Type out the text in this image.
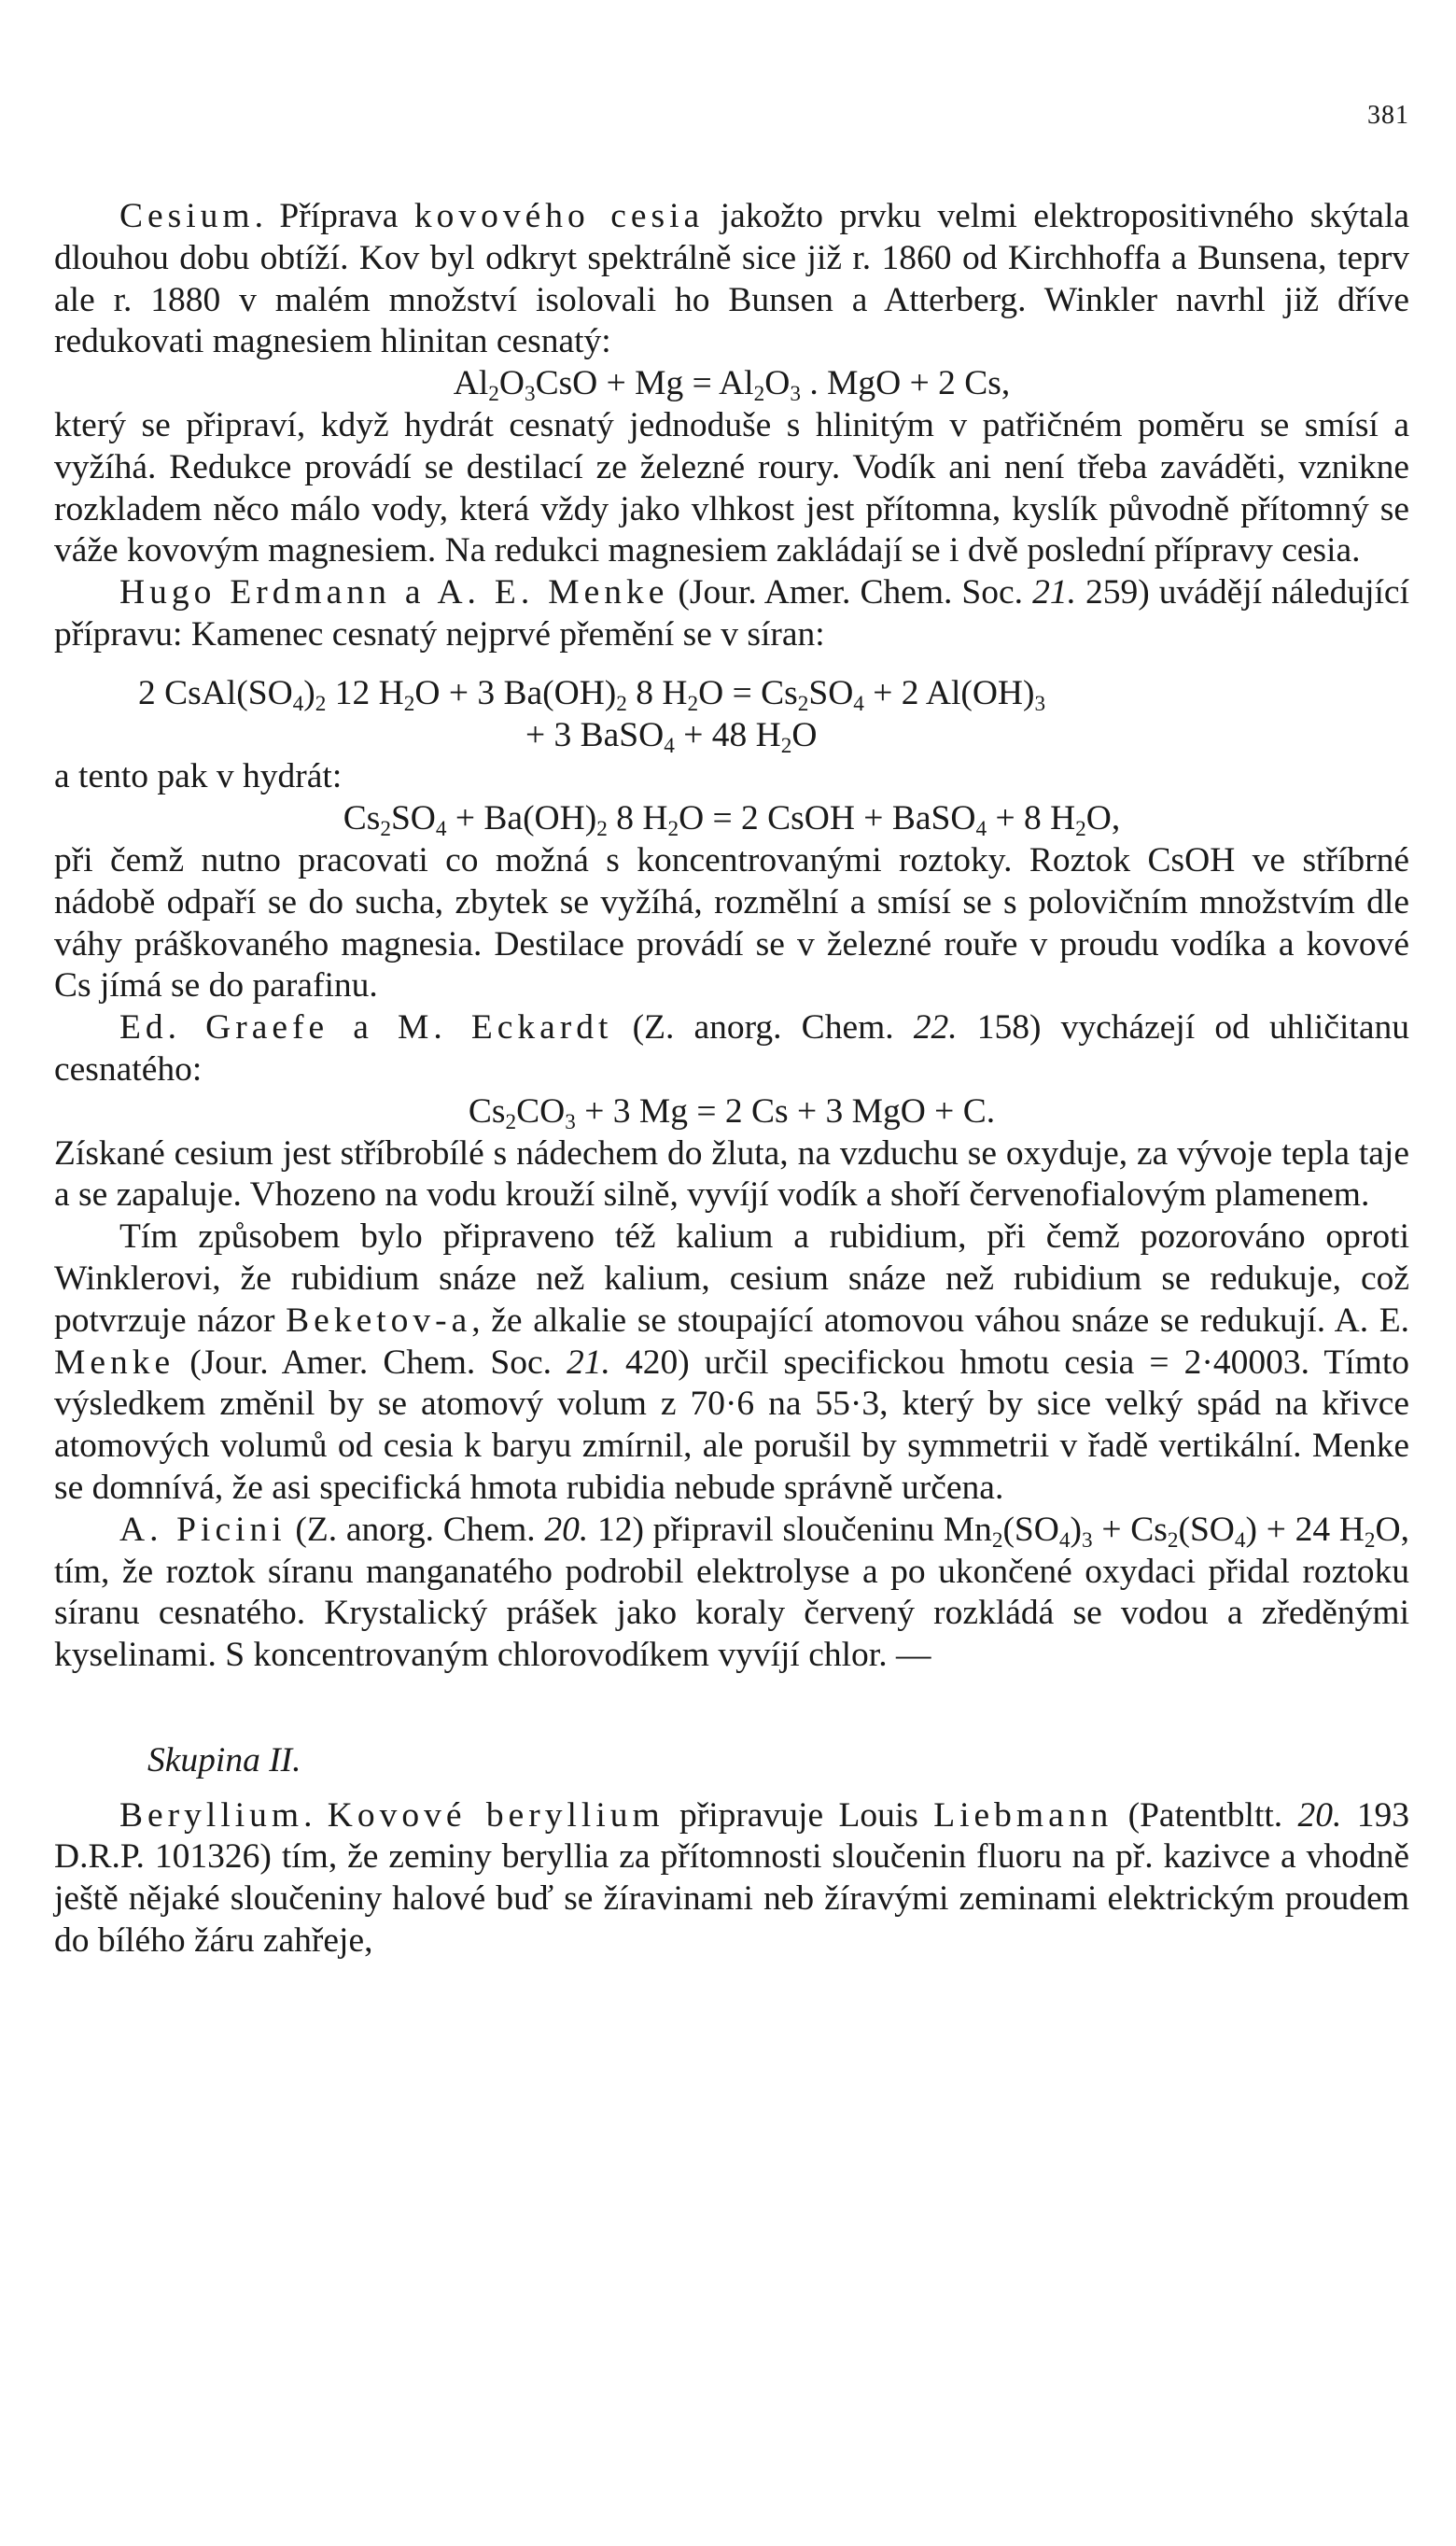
381

Cesium. Příprava kovového cesia jakožto prvku velmi elektropositivného skýtala dlouhou dobu obtíží. Kov byl odkryt spektrálně sice již r. 1860 od Kirchhoffa a Bunsena, teprv ale r. 1880 v malém množství isolovali ho Bunsen a Atterberg. Winkler navrhl již dříve redukovati magnesiem hlinitan cesnatý:

$Al_2O_3CsO + Mg = Al_2O_3$ . MgO + 2 Cs,

který se připraví, když hydrát cesnatý jednoduše s hlinitým v patřičném poměru se smísí a vyžíhá. Redukce provádí se destilací ze železné roury. Vodík ani není třeba zaváděti, vznikne rozkladem něco málo vody, která vždy jako vlhkost jest přítomna, kyslík původně přítomný se váže kovovým magnesiem. Na redukci magnesiem zakládají se i dvě poslední přípravy cesia.

Hugo Erdmann a A. E. Menke (Jour. Amer. Chem. Soc. 21. 259) uvádějí náledující přípravu: Kamenec cesnatý nejprvé přemění se v síran:

2 $CsAl(SO_4)_2$ 12 $H_2O + 3$ $Ba(OH)_2$ 8 $H_2O = Cs_2SO_4 + 2$ $Al(OH)_3$

+ 3 BaSO$_4$ + 48 $H_2O$

a tento pak v hydrát:

$Cs_2SO_4 + Ba(OH)_2$ 8 $H_2O = 2$ CsOH + BaSO$_4$ + 8 $H_2O$,

při čemž nutno pracovati co možná s koncentrovanými roztoky. Roztok CsOH ve stříbrné nádobě odpaří se do sucha, zbytek se vyžíhá, rozmělní a smísí se s polovičním množstvím dle váhy práškovaného magnesia. Destilace provádí se v železné rouře v proudu vodíka a kovové Cs jímá se do parafinu.

Ed. Graefe a M. Eckardt (Z. anorg. Chem. 22. 158) vycházejí od uhličitanu cesnatého:

$Cs_2CO_3 + 3$ Mg = 2 Cs + 3 MgO + C.

Získané cesium jest stříbrobílé s nádechem do žluta, na vzduchu se oxyduje, za vývoje tepla taje a se zapaluje. Vhozeno na vodu krouží silně, vyvíjí vodík a shoří červenofialovým plamenem.

Tím způsobem bylo připraveno též kalium a rubidium, při čemž pozorováno oproti Winklerovi, že rubidium snáze než kalium, cesium snáze než rubidium se redukuje, což potvrzuje názor Beketov-a, že alkalie se stoupající atomovou váhou snáze se redukují. A. E. Menke (Jour. Amer. Chem. Soc. 21. 420) určil specifickou hmotu cesia = 2·40003. Tímto výsledkem změnil by se atomový volum z 70·6 na 55·3, který by sice velký spád na křivce atomových volumů od cesia k baryu zmírnil, ale porušil by symmetrii v řadě vertikální. Menke se domnívá, že asi specifická hmota rubidia nebude správně určena.

A. Picini (Z. anorg. Chem. 20. 12) připravil sloučeninu $Mn_2(SO_4)_3 + Cs_2(SO_4) + 24$ $H_2O$, tím, že roztok síranu manganatého podrobil elektrolyse a po ukončené oxydaci přidal roztoku síranu cesnatého. Krystalický prášek jako koraly červený rozkládá se vodou a zředěnými kyselinami. S koncentrovaným chlorovodíkem vyvíjí chlor. —

Skupina II.

Beryllium. Kovové beryllium připravuje Louis Liebmann (Patentbltt. 20. 193 D.R.P. 101326) tím, že zeminy beryllia za přítomnosti sloučenin fluoru na př. kazivce a vhodně ještě nějaké sloučeniny halové buď se žíravinami neb žíravými zeminami elektrickým proudem do bílého žáru zahřeje,
